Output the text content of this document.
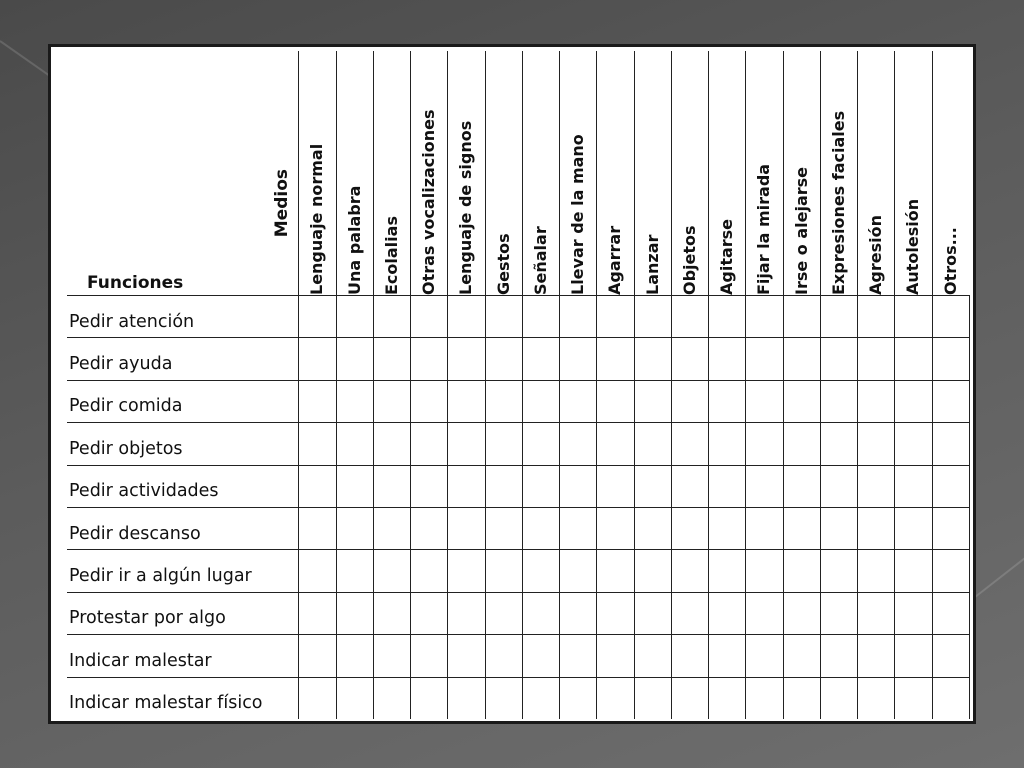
Medios
Funciones	Lenguaje normal	Una palabra	Ecolalias	Otras vocalizaciones	Lenguaje de signos	Gestos	Señalar	Llevar de la mano	Agarrar	Lanzar	Objetos	Agitarse	Fijar la mirada	Irse o alejarse	Expresiones faciales	Agresión	Autolesión	Otros...

Pedir atención																		

Pedir ayuda																		

Pedir comida																		

Pedir objetos																		

Pedir actividades																		

Pedir descanso																		

Pedir ir a algún lugar																		

Protestar por algo																		

Indicar malestar																		

Indicar malestar físico																		
